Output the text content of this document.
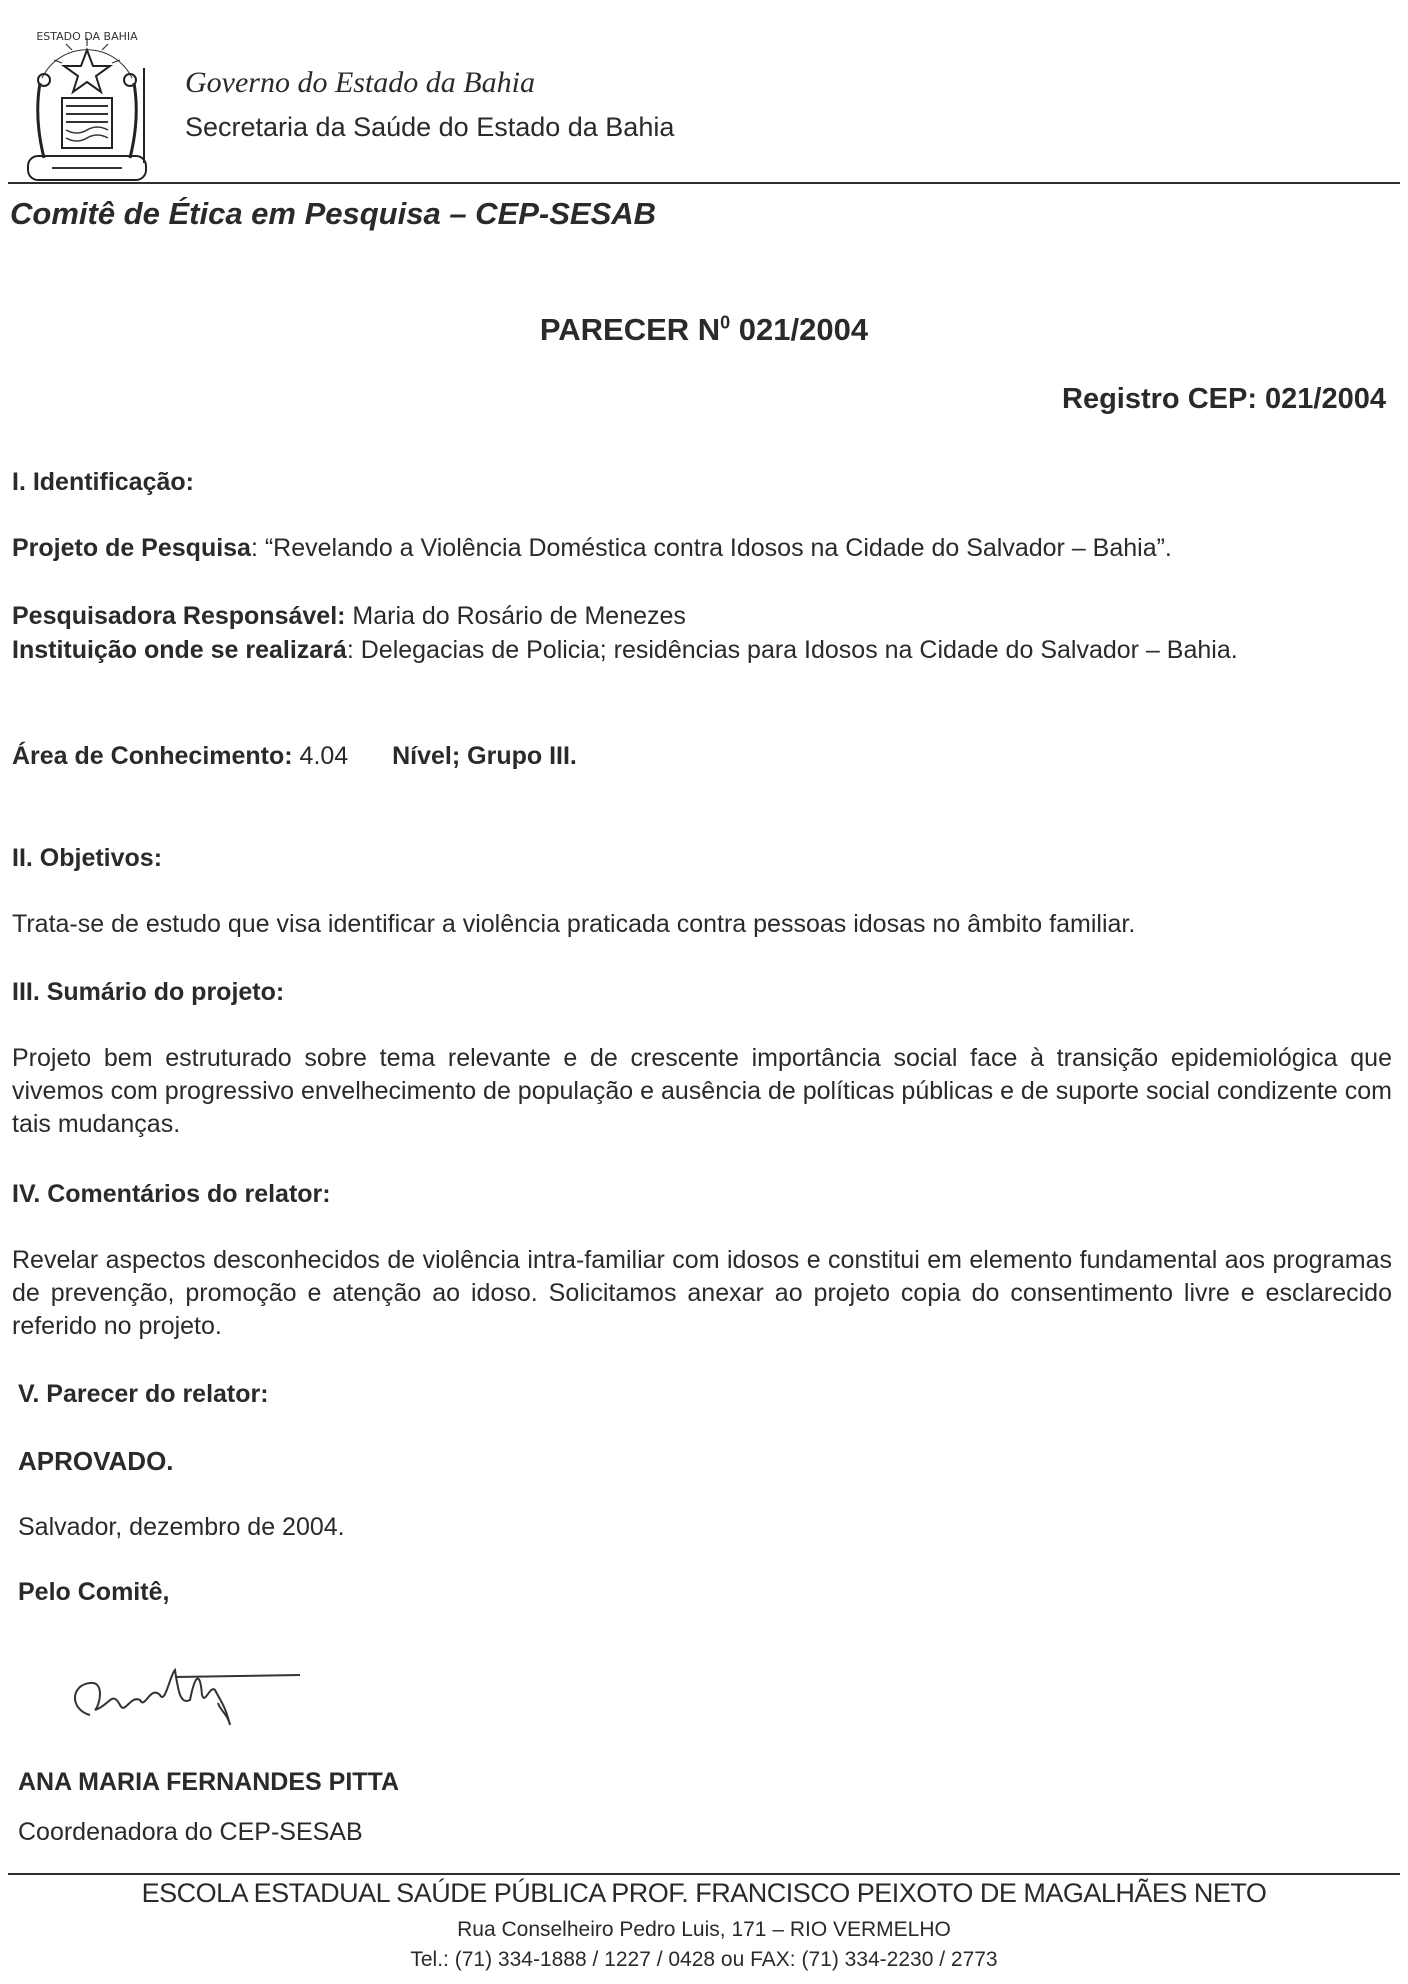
ESTADO DA BAHIA
Governo do Estado da Bahia
Secretaria da Saúde do Estado da Bahia
Comitê de Ética em Pesquisa – CEP-SESAB
PARECER $N^0$ 021/2004
Registro CEP: 021/2004
I. Identificação:
Projeto de Pesquisa: “Revelando a Violência Doméstica contra Idosos na Cidade do Salvador – Bahia”.
Pesquisadora Responsável: Maria do Rosário de Menezes
Instituição onde se realizará: Delegacias de Policia; residências para Idosos na Cidade do Salvador – Bahia.
Área de Conhecimento: 4.04 Nível; Grupo III.
II. Objetivos:
Trata-se de estudo que visa identificar a violência praticada contra pessoas idosas no âmbito familiar.
III. Sumário do projeto:
Projeto bem estruturado sobre tema relevante e de crescente importância social face à transição epidemiológica que vivemos com progressivo envelhecimento de população e ausência de políticas públicas e de suporte social condizente com tais mudanças.
IV. Comentários do relator:
Revelar aspectos desconhecidos de violência intra-familiar com idosos e constitui em elemento fundamental aos programas de prevenção, promoção e atenção ao idoso. Solicitamos anexar ao projeto copia do consentimento livre e esclarecido referido no projeto.
V. Parecer do relator:
APROVADO.
Salvador, dezembro de 2004.
Pelo Comitê,
ANA MARIA FERNANDES PITTA
Coordenadora do CEP-SESAB
ESCOLA ESTADUAL SAÚDE PÚBLICA PROF. FRANCISCO PEIXOTO DE MAGALHÃES NETO
Rua Conselheiro Pedro Luis, 171 – RIO VERMELHO
Tel.: (71) 334-1888 / 1227 / 0428 ou FAX: (71) 334-2230 / 2773
